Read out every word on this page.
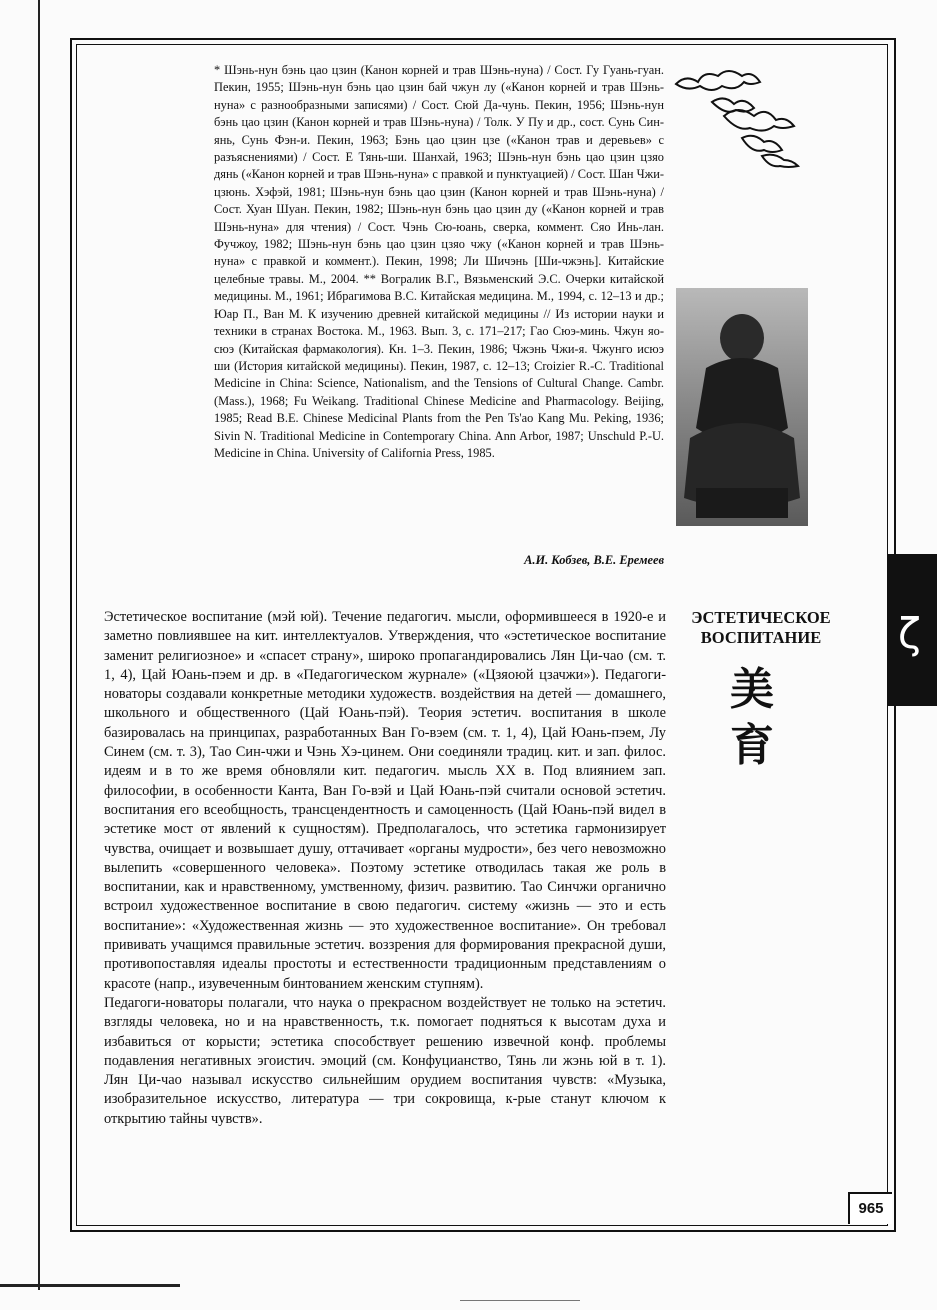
* Шэнь-нун бэнь цао цзин (Канон корней и трав Шэнь-нуна) / Сост. Гу Гуань-гуан. Пекин, 1955; Шэнь-нун бэнь цао цзин бай чжун лу («Канон корней и трав Шэнь-нуна» с разнообразными записями) / Сост. Сюй Да-чунь. Пекин, 1956; Шэнь-нун бэнь цао цзин (Канон корней и трав Шэнь-нуна) / Толк. У Пу и др., сост. Сунь Син-янь, Сунь Фэн-и. Пекин, 1963; Бэнь цао цзин цзе («Канон трав и деревьев» с разъяснениями) / Сост. Е Тянь-ши. Шанхай, 1963; Шэнь-нун бэнь цао цзин цзяо дянь («Канон корней и трав Шэнь-нуна» с правкой и пунктуацией) / Сост. Шан Чжи-цзюнь. Хэфэй, 1981; Шэнь-нун бэнь цао цзин (Канон корней и трав Шэнь-нуна) / Сост. Хуан Шуан. Пекин, 1982; Шэнь-нун бэнь цао цзин ду («Канон корней и трав Шэнь-нуна» для чтения) / Сост. Чэнь Сю-юань, сверка, коммент. Сяо Инь-лан. Фучжоу, 1982; Шэнь-нун бэнь цао цзин цзяо чжу («Канон корней и трав Шэнь-нуна» с правкой и коммент.). Пекин, 1998; Ли Шичэнь [Ши-чжэнь]. Китайские целебные травы. М., 2004. ** Вогралик В.Г., Вязьменский Э.С. Очерки китайской медицины. М., 1961; Ибрагимова В.С. Китайская медицина. М., 1994, с. 12–13 и др.; Юар П., Ван М. К изучению древней китайской медицины // Из истории науки и техники в странах Востока. М., 1963. Вып. 3, с. 171–217; Гао Сюэ-минь. Чжун яо-сюэ (Китайская фармакология). Кн. 1–3. Пекин, 1986; Чжэнь Чжи-я. Чжунго исюэ ши (История китайской медицины). Пекин, 1987, с. 12–13; Croizier R.-C. Traditional Medicine in China: Science, Nationalism, and the Tensions of Cultural Change. Cambr. (Mass.), 1968; Fu Weikang. Traditional Chinese Medicine and Pharmacology. Beijing, 1985; Read B.E. Chinese Medicinal Plants from the Pen Ts'ao Kang Mu. Peking, 1936; Sivin N. Traditional Medicine in Contemporary China. Ann Arbor, 1987; Unschuld P.-U. Medicine in China. University of California Press, 1985.
А.И. Кобзев, В.Е. Еремеев

Эстетическое воспитание (мэй юй). Течение педагогич. мысли, оформившееся в 1920-е и заметно повлиявшее на кит. интеллектуалов. Утверждения, что «эстетическое воспитание заменит религиозное» и «спасет страну», широко пропагандировались Лян Ци-чао (см. т. 1, 4), Цай Юань-пэем и др. в «Педагогическом журнале» («Цзяоюй цзачжи»). Педагоги-новаторы создавали конкретные методики художеств. воздействия на детей — домашнего, школьного и общественного (Цай Юань-пэй). Теория эстетич. воспитания в школе базировалась на принципах, разработанных Ван Го-вэем (см. т. 1, 4), Цай Юань-пэем, Лу Синем (см. т. 3), Тао Син-чжи и Чэнь Хэ-цинем. Они соединяли традиц. кит. и зап. филос. идеям и в то же время обновляли кит. педагогич. мысль XX в. Под влиянием зап. философии, в особенности Канта, Ван Го-вэй и Цай Юань-пэй считали основой эстетич. воспитания его всеобщность, трансцендентность и самоценность (Цай Юань-пэй видел в эстетике мост от явлений к сущностям). Предполагалось, что эстетика гармонизирует чувства, очищает и возвышает душу, оттачивает «органы мудрости», без чего невозможно вылепить «совершенного человека». Поэтому эстетике отводилась такая же роль в воспитании, как и нравственному, умственному, физич. развитию. Тао Синчжи органично встроил художественное воспитание в свою педагогич. систему «жизнь — это и есть воспитание»: «Художественная жизнь — это художественное воспитание». Он требовал прививать учащимся правильные эстетич. воззрения для формирования прекрасной души, противопоставляя идеалы простоты и естественности традиционным представлениям о красоте (напр., изувеченным бинтованием женским ступням).

Педагоги-новаторы полагали, что наука о прекрасном воздействует не только на эстетич. взгляды человека, но и на нравственность, т.к. помогает подняться к высотам духа и избавиться от корысти; эстетика способствует решению извечной конф. проблемы подавления негативных эгоистич. эмоций (см. Конфуцианство, Тянь ли жэнь юй в т. 1). Лян Ци-чао называл искусство сильнейшим орудием воспитания чувств: «Музыка, изобразительное искусство, литература — три сокровища, к-рые станут ключом к открытию тайны чувств».

ЭСТЕТИЧЕСКОЕ ВОСПИТАНИЕ
美育
ζ
965
